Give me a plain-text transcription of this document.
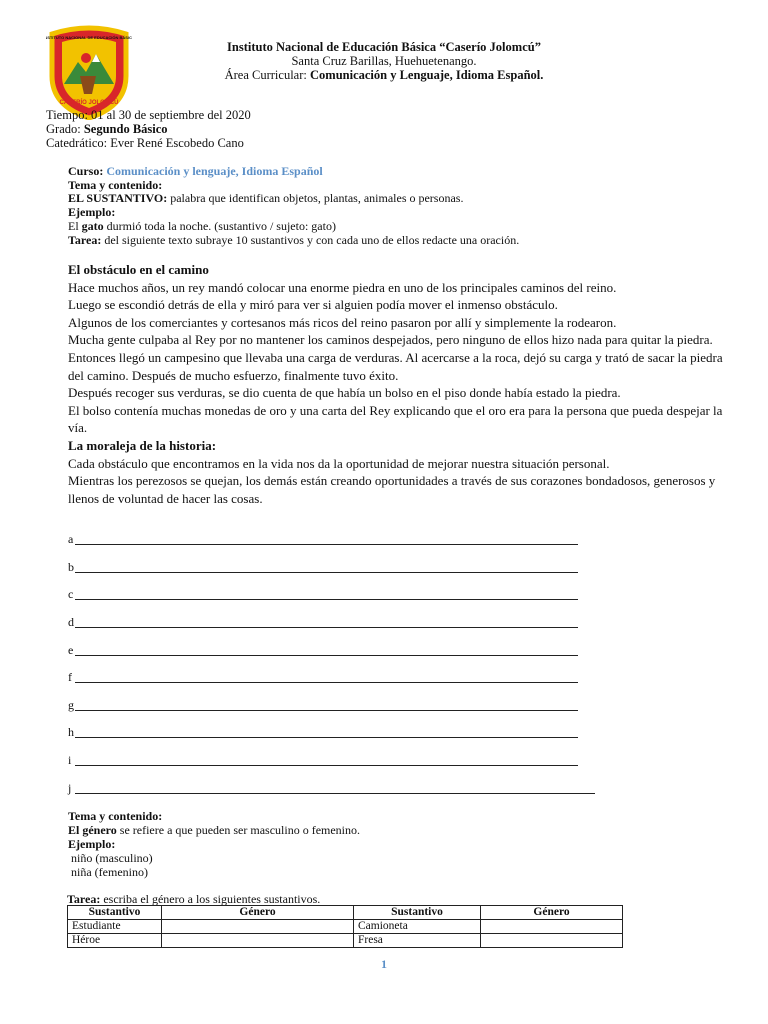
INSTITUTO NACIONAL DE EDUCACIÓN BÁSICA
CASERÍO JOLOMCÚ
Instituto Nacional de Educación Básica “Caserío Jolomcú”
Santa Cruz Barillas, Huehuetenango.
Área Curricular: Comunicación y Lenguaje, Idioma Español.
Tiempo: 01 al 30 de septiembre del 2020
Grado: Segundo Básico
Catedrático: Ever René Escobedo Cano
Curso: Comunicación y lenguaje, Idioma Español
Tema y contenido:
EL SUSTANTIVO: palabra que identifican objetos, plantas, animales o personas.
Ejemplo:
El gato durmió toda la noche. (sustantivo / sujeto: gato)
Tarea: del siguiente texto subraye 10 sustantivos y con cada uno de ellos redacte una oración.

El obstáculo en el camino

Hace muchos años, un rey mandó colocar una enorme piedra en uno de los principales caminos del reino.

Luego se escondió detrás de ella y miró para ver si alguien podía mover el inmenso obstáculo.

Algunos de los comerciantes y cortesanos más ricos del reino pasaron por allí y simplemente la rodearon.

Mucha gente culpaba al Rey por no mantener los caminos despejados, pero ninguno de ellos hizo nada para quitar la piedra.

Entonces llegó un campesino que llevaba una carga de verduras. Al acercarse a la roca, dejó su carga y trató de sacar la piedra del camino. Después de mucho esfuerzo, finalmente tuvo éxito.

Después recoger sus verduras, se dio cuenta de que había un bolso en el piso donde había estado la piedra.

El bolso contenía muchas monedas de oro y una carta del Rey explicando que el oro era para la persona que pueda despejar la vía.

La moraleja de la historia:

Cada obstáculo que encontramos en la vida nos da la oportunidad de mejorar nuestra situación personal.

Mientras los perezosos se quejan, los demás están creando oportunidades a través de sus corazones bondadosos, generosos y llenos de voluntad de hacer las cosas.

a
b
c
d
e
f
g
h
i
j
Tema y contenido:
El género se refiere a que pueden ser masculino o femenino.
Ejemplo:
niño (masculino)
niña (femenino)
Tarea: escriba el género a los siguientes sustantivos.
Sustantivo	Género	Sustantivo	Género
Estudiante		Camioneta	
Héroe		Fresa	
1
